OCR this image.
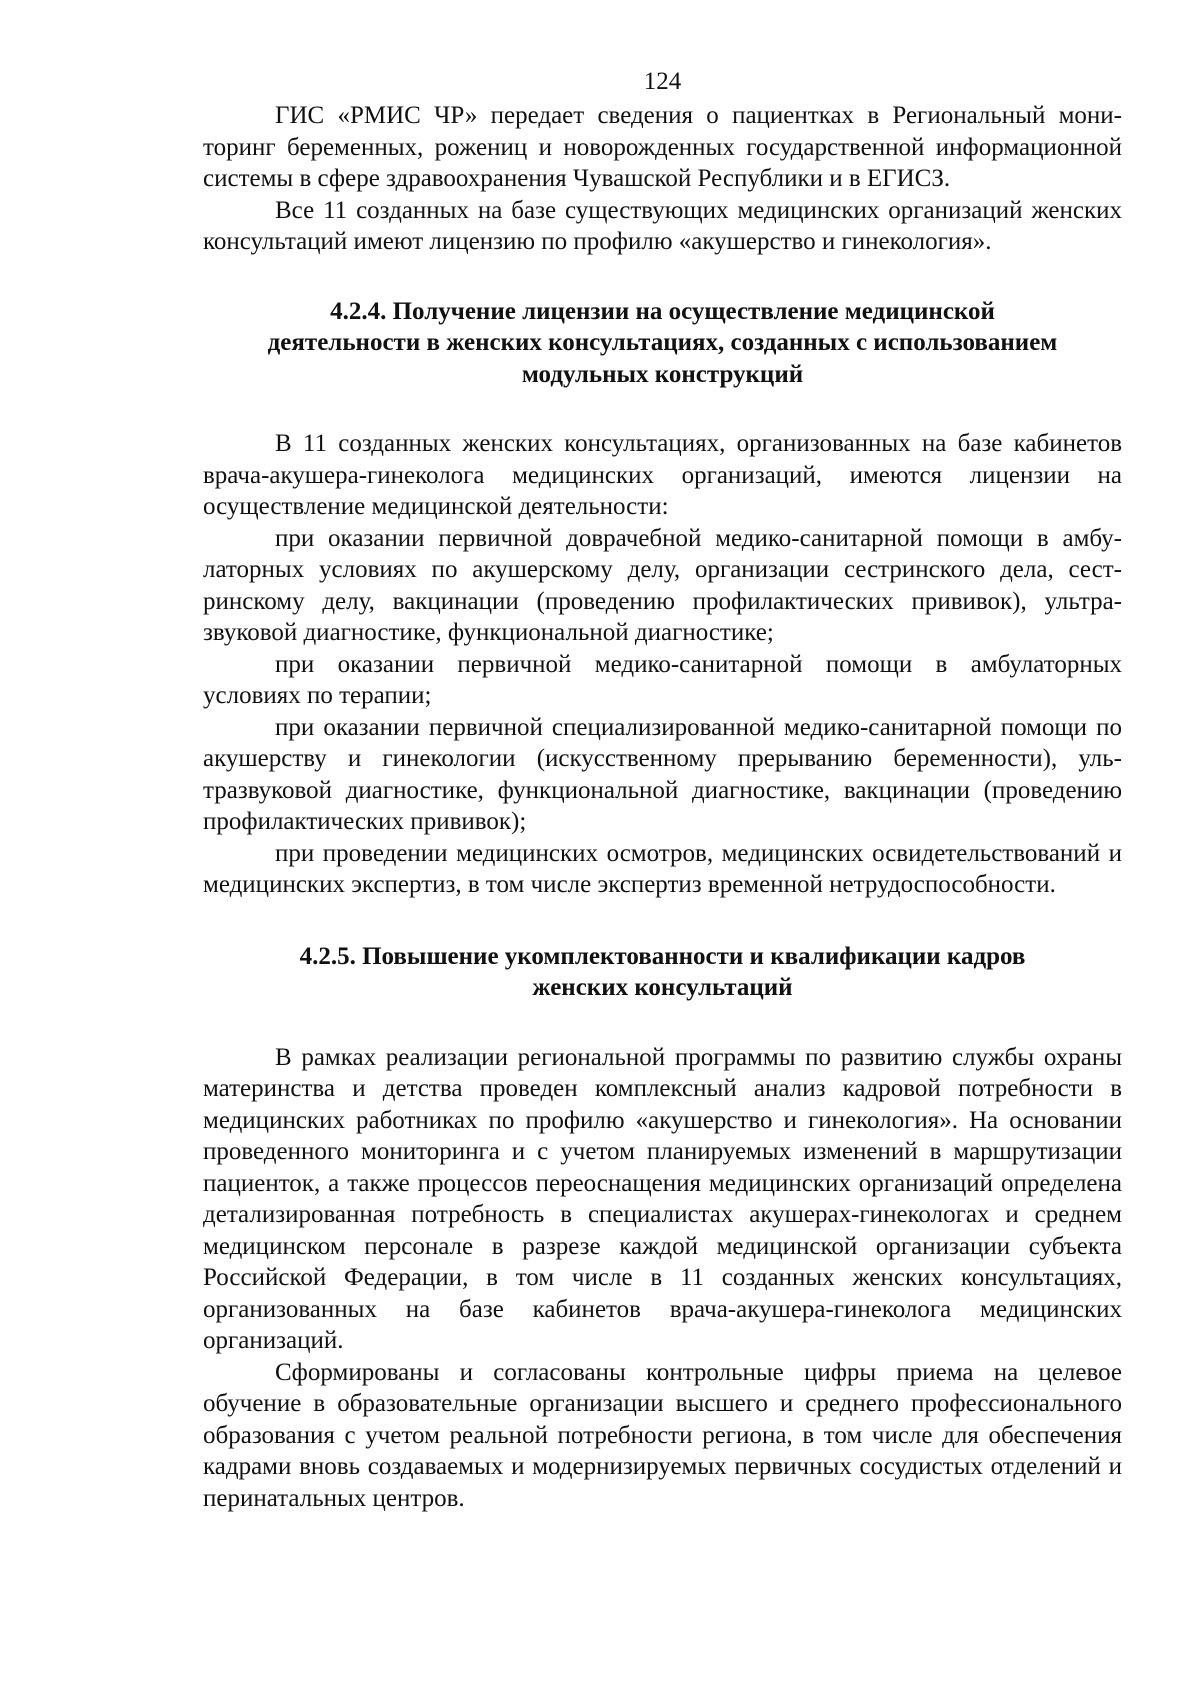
124

ГИС «РМИС ЧР» передает сведения о пациентках в Региональный мониторинг беременных, рожениц и новорожденных государственной информационной системы в сфере здравоохранения Чувашской Республики и в ЕГИСЗ.

Все 11 созданных на базе существующих медицинских организаций женских консультаций имеют лицензию по профилю «акушерство и гинекология».

4.2.4. Получение лицензии на осуществление медицинской
деятельности в женских консультациях, созданных с использованием
модульных конструкций

В 11 созданных женских консультациях, организованных на базе кабинетов врача-акушера-гинеколога медицинских организаций, имеются лицензии на осуществление медицинской деятельности:

при оказании первичной доврачебной медико-санитарной помощи в амбулаторных условиях по акушерскому делу, организации сестринского дела, сестринскому делу, вакцинации (проведению профилактических прививок), ультразвуковой диагностике, функциональной диагностике;

при оказании первичной медико-санитарной помощи в амбулаторных условиях по терапии;

при оказании первичной специализированной медико-санитарной помощи по акушерству и гинекологии (искусственному прерыванию беременности), ультразвуковой диагностике, функциональной диагностике, вакцинации (проведению профилактических прививок);

при проведении медицинских осмотров, медицинских освидетельствований и медицинских экспертиз, в том числе экспертиз временной нетрудоспособности.

4.2.5. Повышение укомплектованности и квалификации кадров
женских консультаций

В рамках реализации региональной программы по развитию службы охраны материнства и детства проведен комплексный анализ кадровой потребности в медицинских работниках по профилю «акушерство и гинекология». На основании проведенного мониторинга и с учетом планируемых изменений в маршрутизации пациенток, а также процессов переоснащения медицинских организаций определена детализированная потребность в специалистах акушерах-гинекологах и среднем медицинском персонале в разрезе каждой медицинской организации субъекта Российской Федерации, в том числе в 11 созданных женских консультациях, организованных на базе кабинетов врача-акушера-гинеколога медицинских организаций.

Сформированы и согласованы контрольные цифры приема на целевое обучение в образовательные организации высшего и среднего профессионального образования с учетом реальной потребности региона, в том числе для обеспечения кадрами вновь создаваемых и модернизируемых первичных сосудистых отделений и перинатальных центров.
